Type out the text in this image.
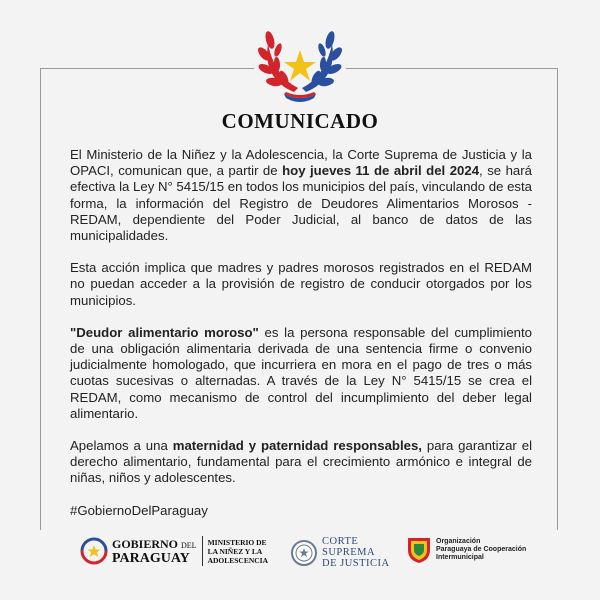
COMUNICADO

El Ministerio de la Niñez y la Adolescencia, la Corte Suprema de Justicia y la OPACI, comunican que, a partir de hoy jueves 11 de abril del 2024, se hará efectiva la Ley N° 5415/15 en todos los municipios del país, vinculando de esta forma, la información del Registro de Deudores Alimentarios Morosos - REDAM, dependiente del Poder Judicial, al banco de datos de las municipalidades.

Esta acción implica que madres y padres morosos registrados en el REDAM no puedan acceder a la provisión de registro de conducir otorgados por los municipios.

"Deudor alimentario moroso" es la persona responsable del cumplimiento de una obligación alimentaria derivada de una sentencia firme o convenio judicialmente homologado, que incurriera en mora en el pago de tres o más cuotas sucesivas o alternadas. A través de la Ley N° 5415/15 se crea el REDAM, como mecanismo de control del incumplimiento del deber legal alimentario.

Apelamos a una maternidad y paternidad responsables, para garantizar el derecho alimentario, fundamental para el crecimiento armónico e integral de niñas, niños y adolescentes.

#GobiernoDelParaguay

GOBIERNO DEL
PARAGUAY
MINISTERIO DE
LA NIÑEZ Y LA
ADOLESCENCIA
CORTE
SUPREMA
DE JUSTICIA
Organización
Paraguaya de Cooperación
Intermunicipal
